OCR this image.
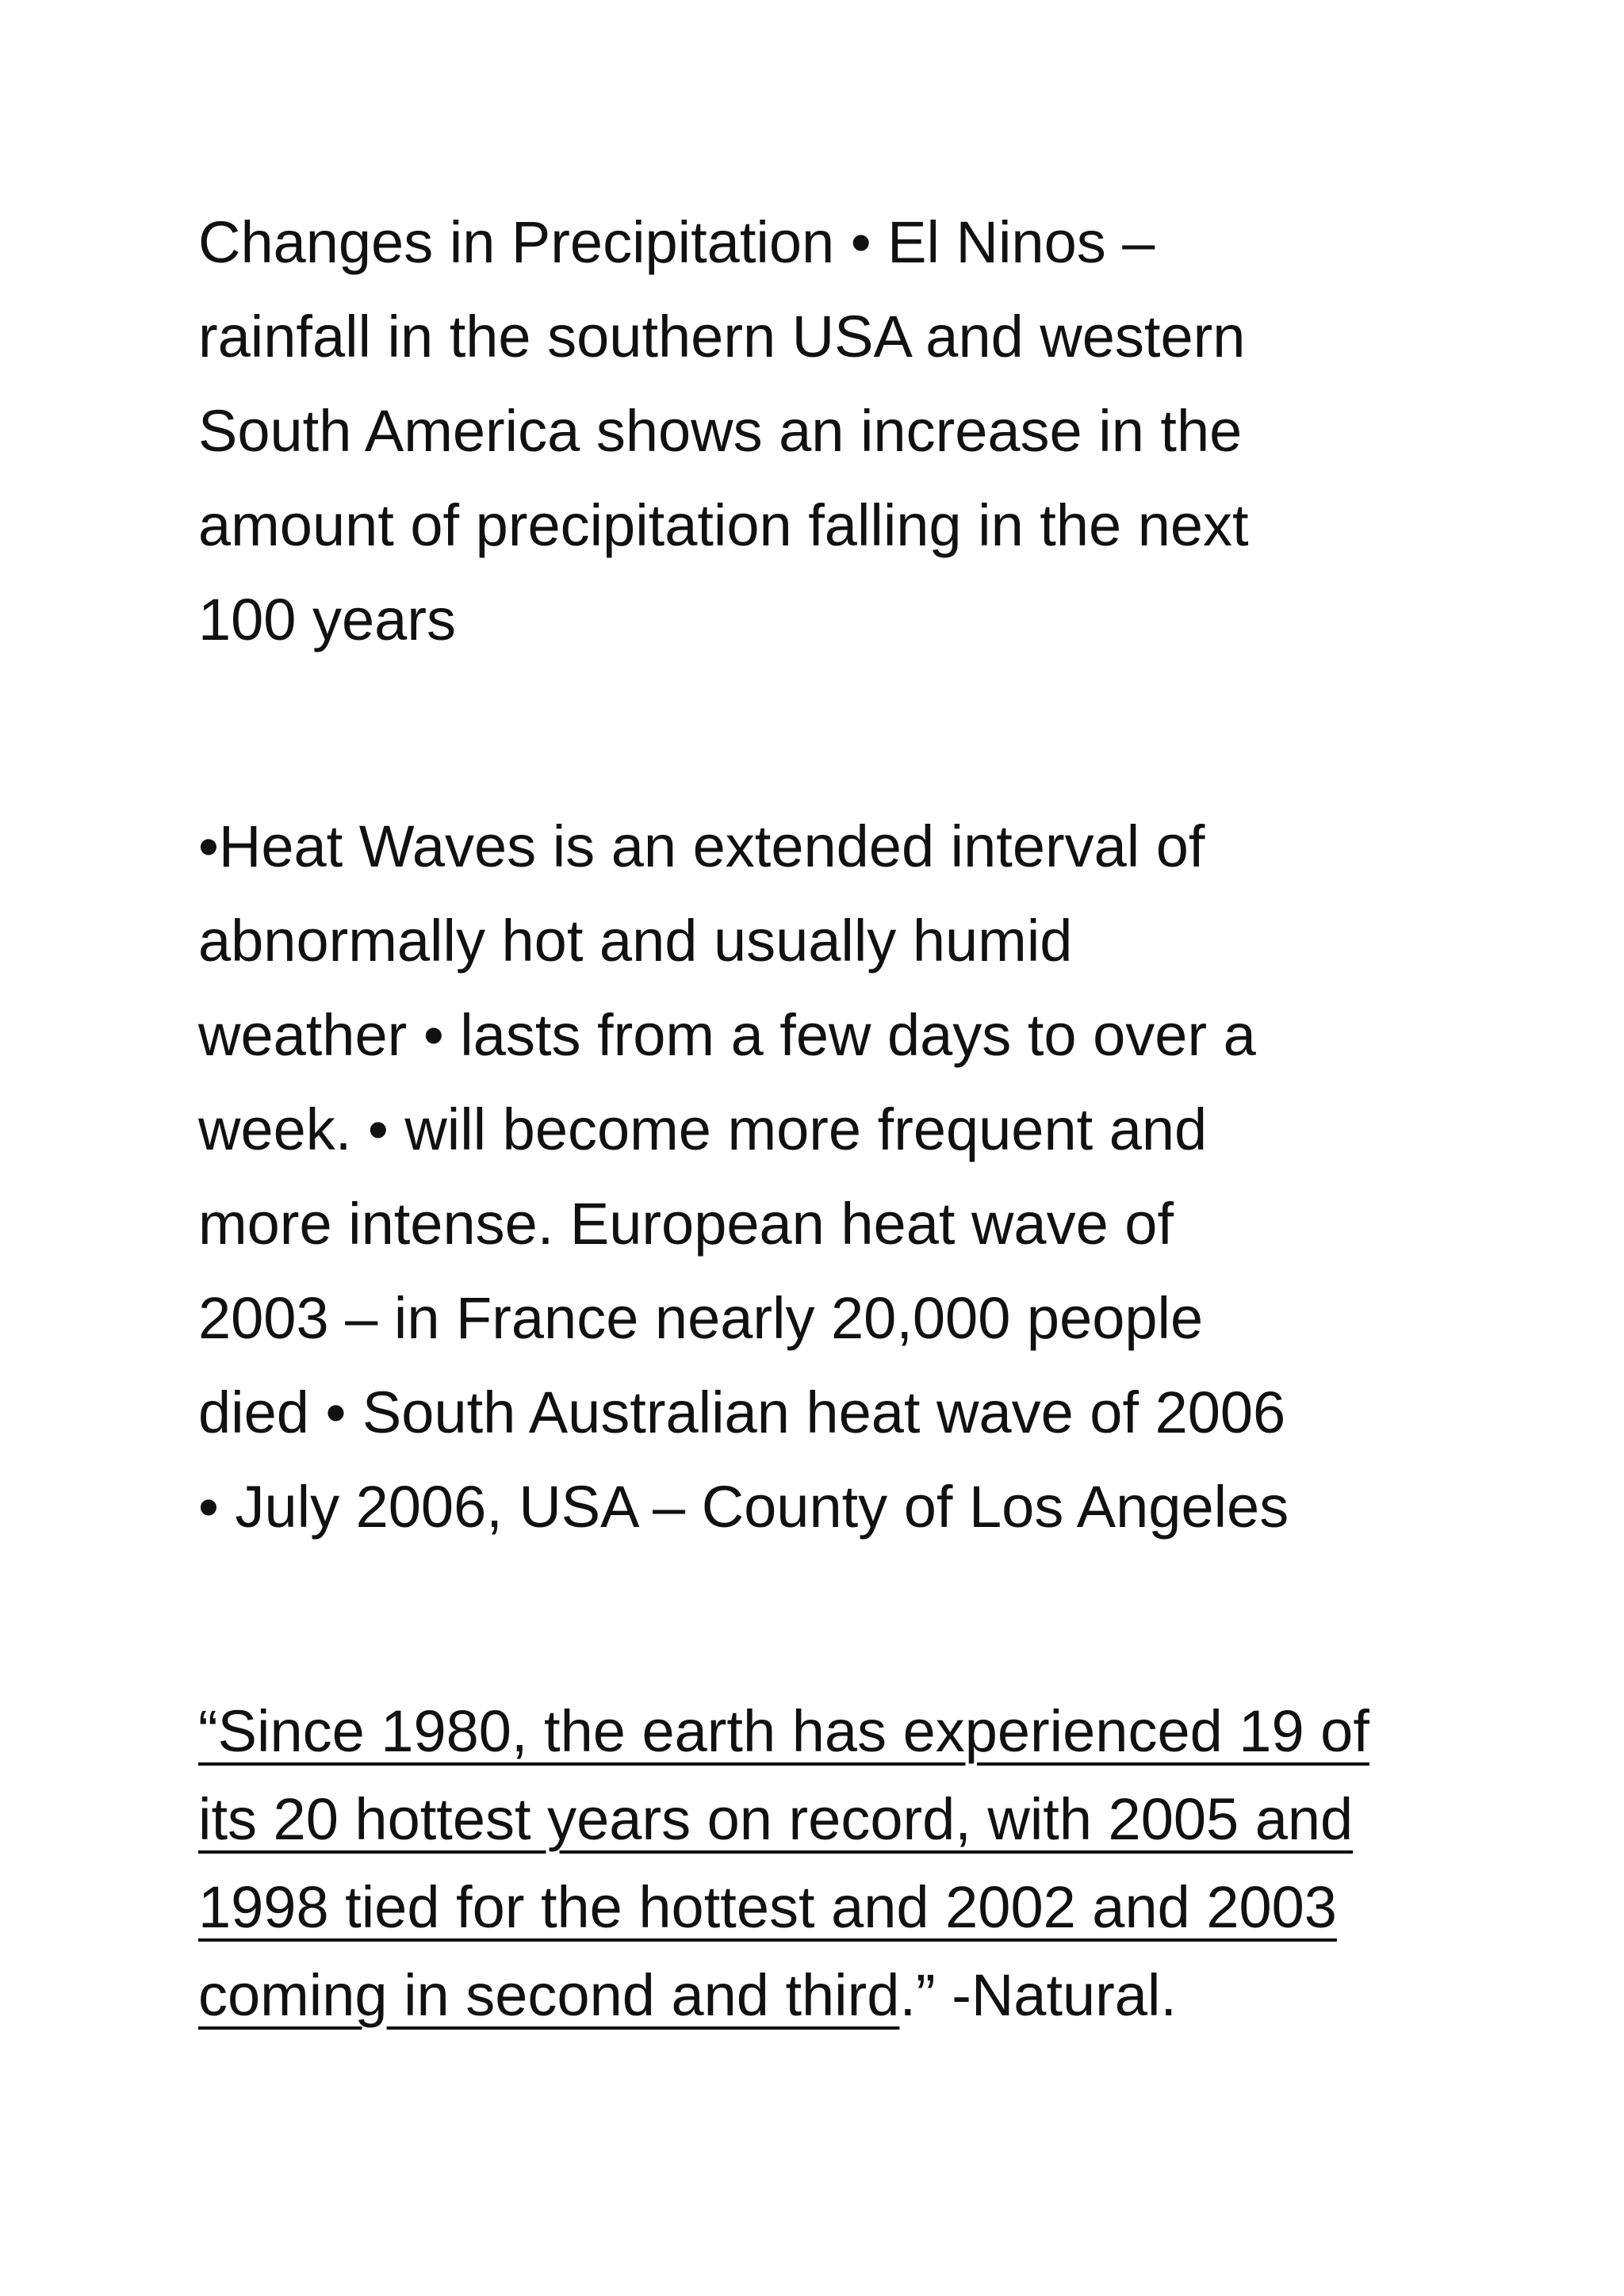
Changes in Precipitation • El Ninos –
rainfall in the southern USA and western
South America shows an increase in the
amount of precipitation falling in the next
100 years

•Heat Waves is an extended interval of
abnormally hot and usually humid
weather • lasts from a few days to over a
week. • will become more frequent and
more intense. European heat wave of
2003 – in France nearly 20,000 people
died • South Australian heat wave of 2006
• July 2006, USA – County of Los Angeles

“Since 1980, the earth has experienced 19 of
its 20 hottest years on record, with 2005 and
1998 tied for the hottest and 2002 and 2003
coming in second and third.” -Natural.
